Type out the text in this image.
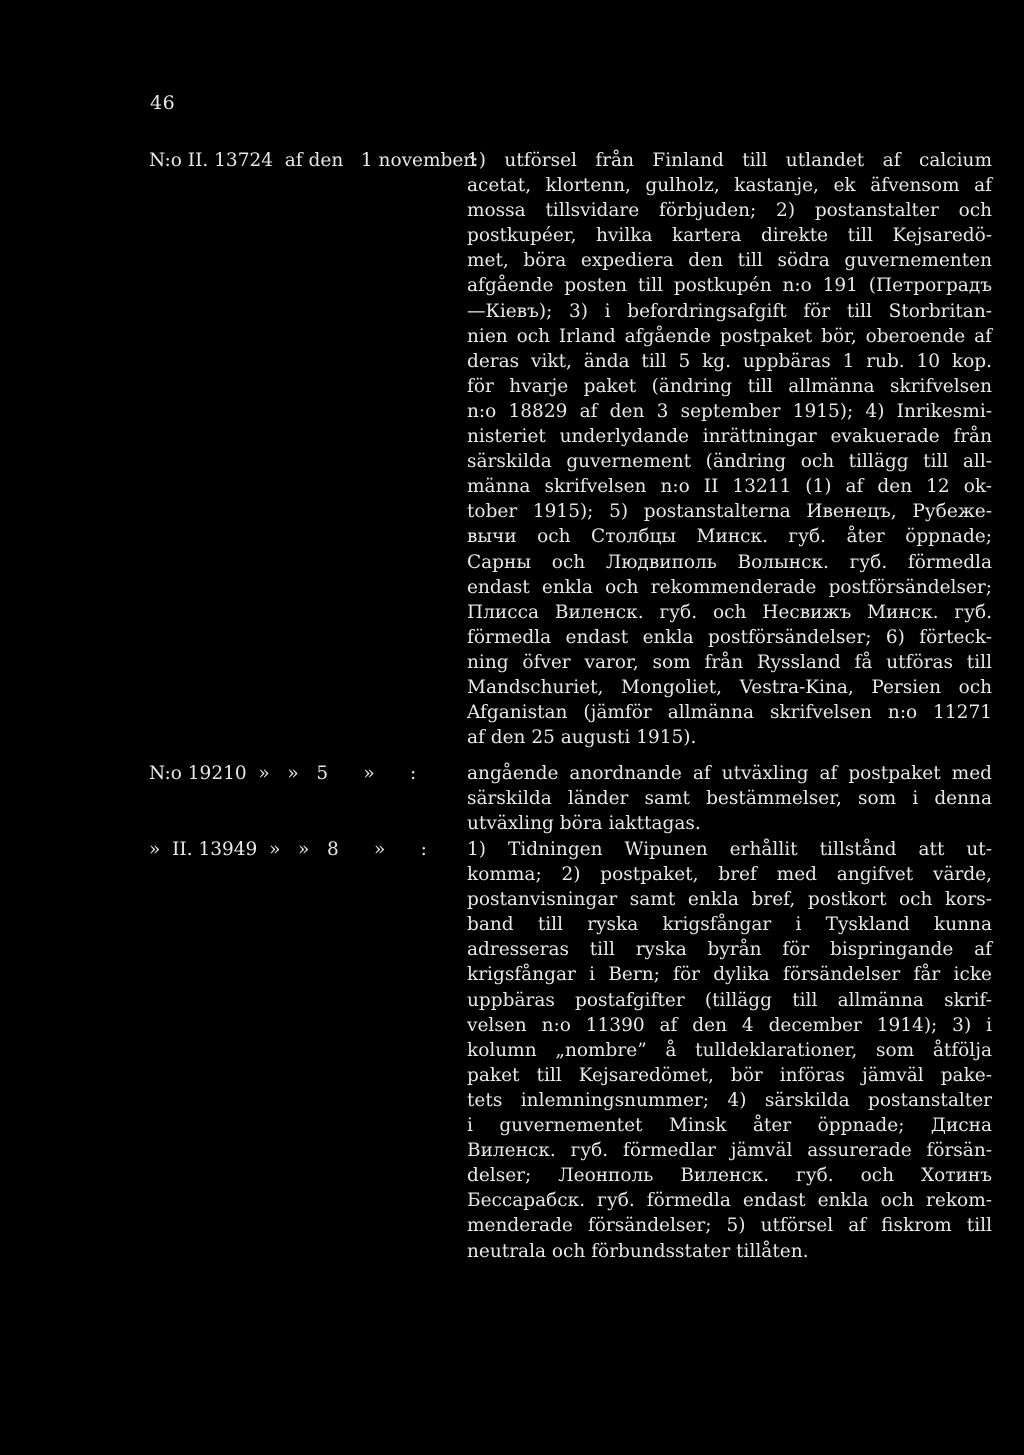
46
N:o II. 13724  af den   1 november:
1) utförsel från Finland till utlandet af calcium
acetat, klortenn, gulholz, kastanje, ek äfvensom af
mossa tillsvidare förbjuden; 2) postanstalter och
postkupéer, hvilka kartera direkte till Kejsaredö-
met, böra expediera den till södra guvernementen
afgående posten till postkupén n:o 191 (Петроградъ
—Кіевъ); 3) i befordringsafgift för till Storbritan-
nien och Irland afgående postpaket bör, oberoende af
deras vikt, ända till 5 kg. uppbäras 1 rub. 10 kop.
för hvarje paket (ändring till allmänna skrifvelsen
n:o 18829 af den 3 september 1915); 4) Inrikesmi-
nisteriet underlydande inrättningar evakuerade från
särskilda guvernement (ändring och tillägg till all-
männa skrifvelsen n:o II 13211 (1) af den 12 ok-
tober 1915); 5) postanstalterna Ивенецъ, Рубеже-
вычи och Столбцы Минск. губ. åter öppnade;
Сарны och Людвиполь Волынск. губ. förmedla
endast enkla och rekommenderade postförsändelser;
Плисса Виленск. губ. och Несвижъ Минск. губ.
förmedla endast enkla postförsändelser; 6) förteck-
ning öfver varor, som från Ryssland få utföras till
Mandschuriet, Mongoliet, Vestra-Kina, Persien och
Afganistan (jämför allmänna skrifvelsen n:o 11271
af den 25 augusti 1915).
N:o 19210  »   »   5      »      :	angående anordnande af utväxling af postpaket med
särskilda länder samt bestämmelser, som i denna
utväxling böra iakttagas.
»  II. 13949  »   »   8      »      : 1) Tidningen Wipunen erhållit tillstånd att ut-
komma; 2) postpaket, bref med angifvet värde,
postanvisningar samt enkla bref, postkort och kors-
band till ryska krigsfångar i Tyskland kunna
adresseras till ryska byrån för bispringande af
krigsfångar i Bern; för dylika försändelser får icke
uppbäras postafgifter (tillägg till allmänna skrif-
velsen n:o 11390 af den 4 december 1914); 3) i
kolumn „nombre” å tulldeklarationer, som åtfölja
paket till Kejsaredömet, bör införas jämväl pake-
tets inlemningsnummer; 4) särskilda postanstalter
i guvernementet Minsk åter öppnade; Дисна
Виленск. губ. förmedlar jämväl assurerade försän-
delser; Леонполь Виленск. губ. och Хотинъ
Бессарабск. губ. förmedla endast enkla och rekom-
menderade försändelser; 5) utförsel af fiskrom till
neutrala och förbundsstater tillåten.
